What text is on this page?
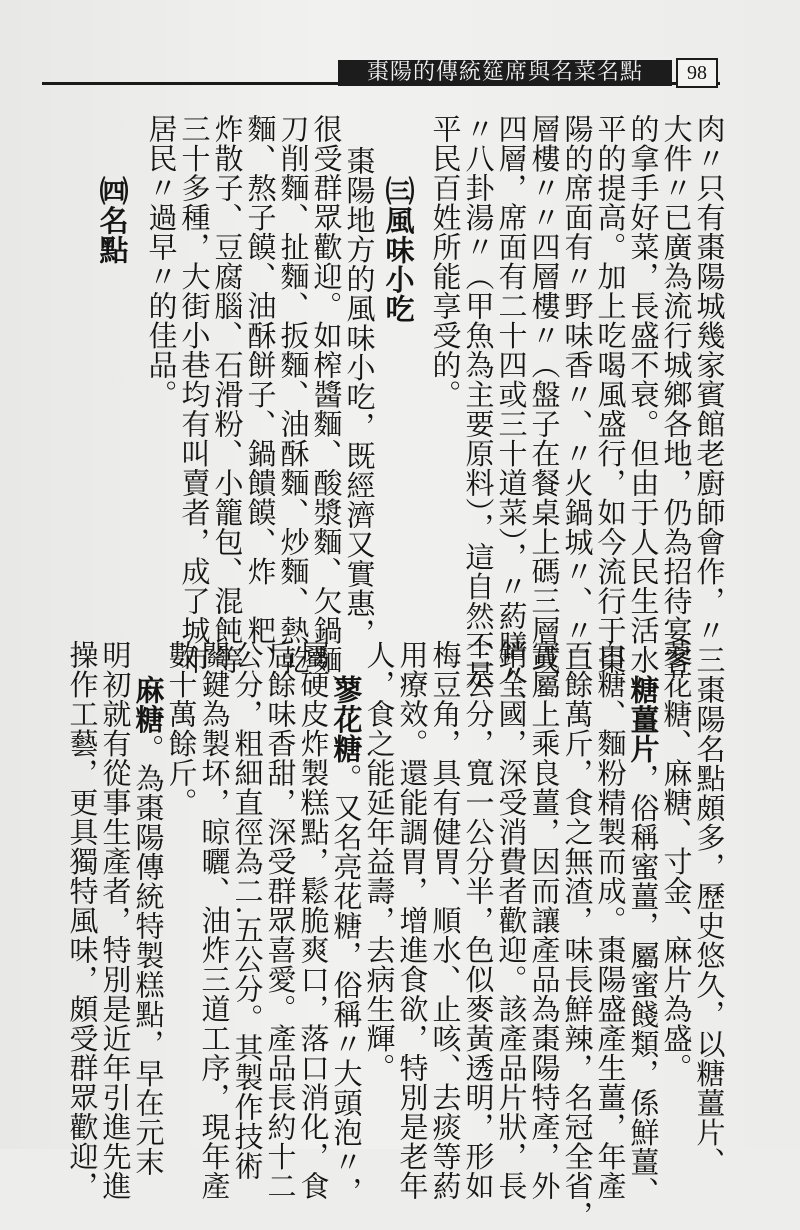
棗陽的傳統筵席與名菜名點	98
肉〃只有棗陽城幾家賓館老廚師會作，〃三
大件〃已廣為流行城鄉各地，仍為招待宴客
的拿手好菜，長盛不衰。但由于人民生活水
平的提高。加上吃喝風盛行，如今流行于棗
陽的席面有〃野味香〃、〃火鍋城〃、〃二
層樓〃〃四層樓〃（盤子在餐桌上碼三層或
四層，席面有二十四或三十道菜），〃葯膳〃、
〃八卦湯〃（甲魚為主要原料），這自然不是
平民百姓所能享受的。
㈢風味小吃
棗陽地方的風味小吃，既經濟又實惠，
很受群眾歡迎。如榨醬麵、酸漿麵、欠鍋麵、
刀削麵、扯麵、扳麵、油酥麵、炒麵、熱乾
麵、熬子饃、油酥餅子、鍋饋饃、炸　粑、
炸散子、豆腐腦、石滑粉、小籠包、混飩等
三十多種，大街小巷均有叫賣者，成了城市
居民〃過早〃的佳品。
㈣名點
棗陽名點頗多，歷史悠久，以糖薑片、
蓼花糖、麻糖、寸金、麻片為盛。
糖薑片，俗稱蜜薑，屬蜜餞類，係鮮薑、
白糖、麵粉精製而成。棗陽盛產生薑，年產
百餘萬斤，食之無渣，味長鮮辣，名冠全省，
實屬上乘良薑，因而讓產品為棗陽特產，外
銷全國，深受消費者歡迎。該產品片狀，長
三公分，寬一公分半，色似麥黃透明，形如
梅豆角，具有健胃、順水、止咳、去痰等葯
用療效。還能調胃，增進食欲，特別是老年
人，食之能延年益壽，去病生輝。
蓼花糖。又名亮花糖，俗稱〃大頭泡〃，
屬硬皮炸製糕點，鬆脆爽口，落口消化，食
后餘味香甜，深受群眾喜愛。產品長約十二
公分，粗細直徑為二.五公分。其製作技術
關鍵為製坏，晾曬、油炸三道工序，現年產
數十萬餘斤。
麻糖。為棗陽傳統特製糕點，早在元末
明初就有從事生產者，特別是近年引進先進
操作工藝，更具獨特風味，頗受群眾歡迎，
